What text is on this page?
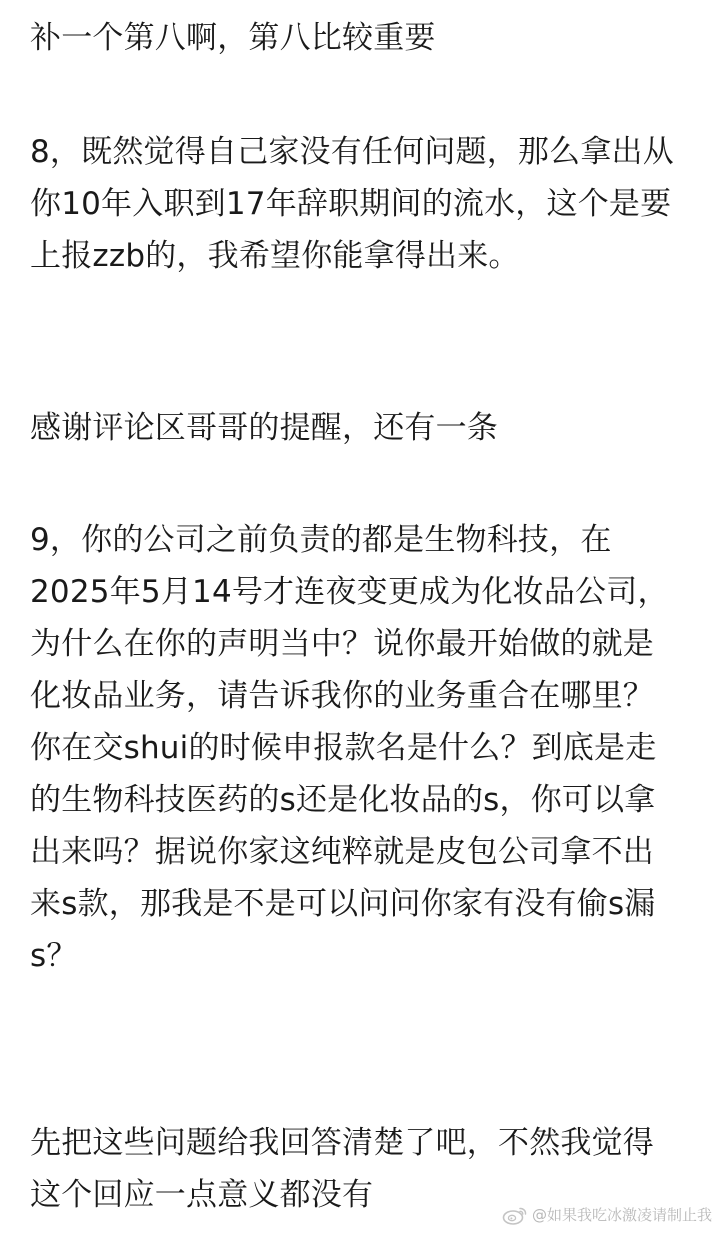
补一个第八啊，第八比较重要
8，既然觉得自己家没有任何问题，那么拿出从
你10年入职到17年辞职期间的流水，这个是要
上报zzb的，我希望你能拿得出来。
感谢评论区哥哥的提醒，还有一条
9，你的公司之前负责的都是生物科技，在
2025年5月14号才连夜变更成为化妆品公司，
为什么在你的声明当中？说你最开始做的就是
化妆品业务，请告诉我你的业务重合在哪里？
你在交shui的时候申报款名是什么？到底是走
的生物科技医药的s还是化妆品的s，你可以拿
出来吗？据说你家这纯粹就是皮包公司拿不出
来s款，那我是不是可以问问你家有没有偷s漏
s？
先把这些问题给我回答清楚了吧，不然我觉得
这个回应一点意义都没有
@如果我吃冰激凌请制止我
